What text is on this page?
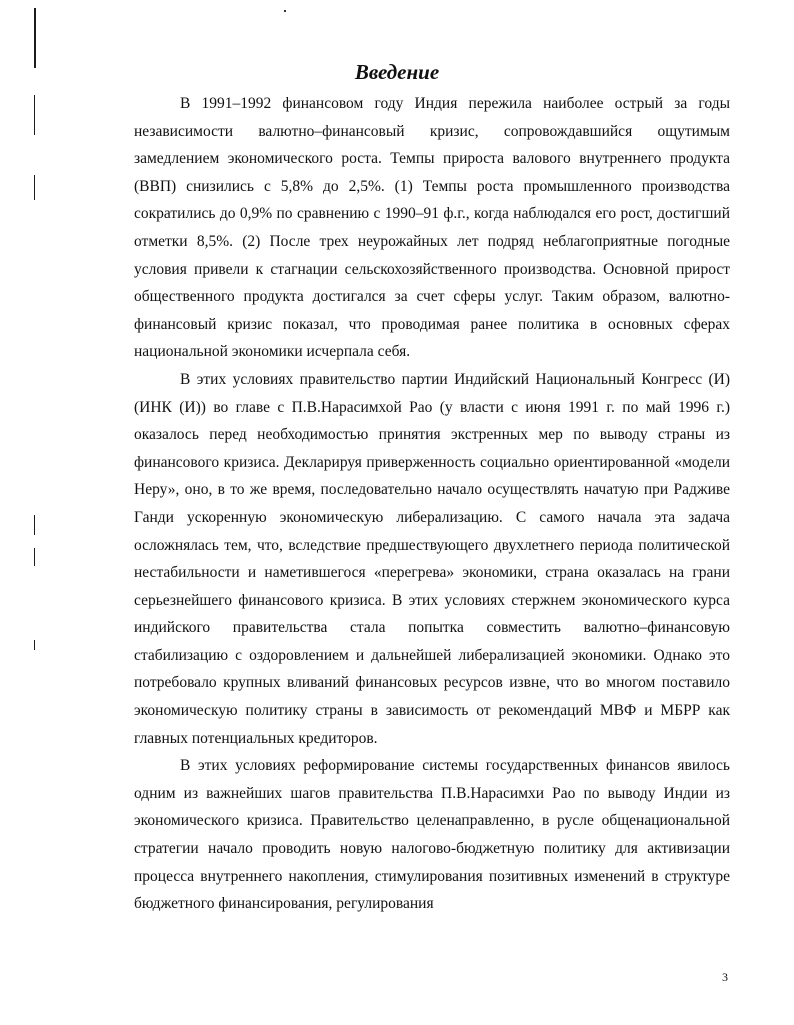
Введение

В 1991–1992 финансовом году Индия пережила наиболее острый за годы независимости валютно–финансовый кризис, сопровождавшийся ощутимым замедлением экономического роста. Темпы прироста валового внутреннего продукта (ВВП) снизились с 5,8% до 2,5%. (1) Темпы роста промышленного производства сократились до 0,9% по сравнению с 1990–91 ф.г., когда наблюдался его рост, достигший отметки 8,5%. (2) После трех неурожайных лет подряд неблагоприятные погодные условия привели к стагнации сельскохозяйственного производства. Основной прирост общественного продукта достигался за счет сферы услуг. Таким образом, валютно-финансовый кризис показал, что проводимая ранее политика в основных сферах национальной экономики исчерпала себя.

В этих условиях правительство партии Индийский Национальный Конгресс (И) (ИНК (И)) во главе с П.В.Нарасимхой Рао (у власти с июня 1991 г. по май 1996 г.) оказалось перед необходимостью принятия экстренных мер по выводу страны из финансового кризиса. Декларируя приверженность социально ориентированной «модели Неру», оно, в то же время, последовательно начало осуществлять начатую при Радживе Ганди ускоренную экономическую либерализацию. С самого начала эта задача осложнялась тем, что, вследствие предшествующего двухлетнего периода политической нестабильности и наметившегося «перегрева» экономики, страна оказалась на грани серьезнейшего финансового кризиса. В этих условиях стержнем экономического курса индийского правительства стала попытка совместить валютно–финансовую стабилизацию с оздоровлением и дальнейшей либерализацией экономики. Однако это потребовало крупных вливаний финансовых ресурсов извне, что во многом поставило экономическую политику страны в зависимость от рекомендаций МВФ и МБРР как главных потенциальных кредиторов.

В этих условиях реформирование системы государственных финансов явилось одним из важнейших шагов правительства П.В.Нарасимхи Рао по выводу Индии из экономического кризиса. Правительство целенаправленно, в русле общенациональной стратегии начало проводить новую налогово-бюджетную политику для активизации процесса внутреннего накопления, стимулирования позитивных изменений в структуре бюджетного финансирования, регулирования

3
